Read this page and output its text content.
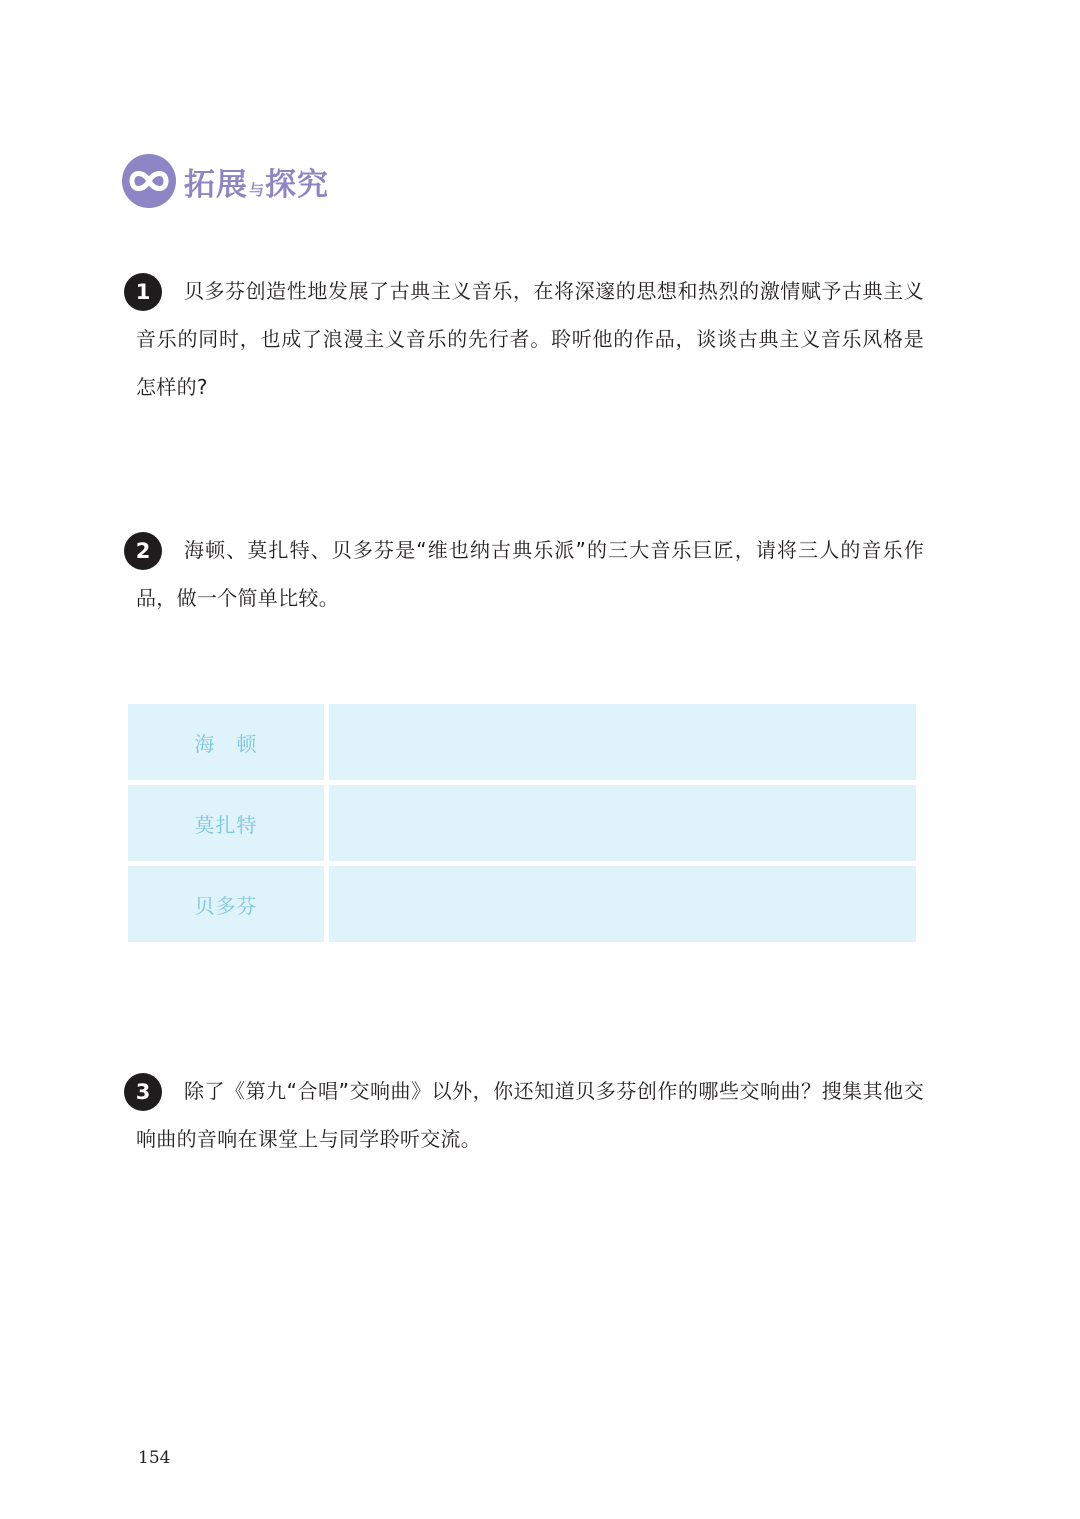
拓展 与 探究
1	贝多芬创造性地发展了古典主义音乐，在将深邃的思想和热烈的激情赋予古典主义音乐的同时，也成了浪漫主义音乐的先行者。聆听他的作品，谈谈古典主义音乐风格是怎样的?

2	海顿、莫扎特、贝多芬是“维也纳古典乐派”的三大音乐巨匠，请将三人的音乐作品，做一个简单比较。

海　顿
莫扎特
贝多芬
3	除了《第九“合唱”交响曲》以外，你还知道贝多芬创作的哪些交响曲？搜集其他交响曲的音响在课堂上与同学聆听交流。

154
